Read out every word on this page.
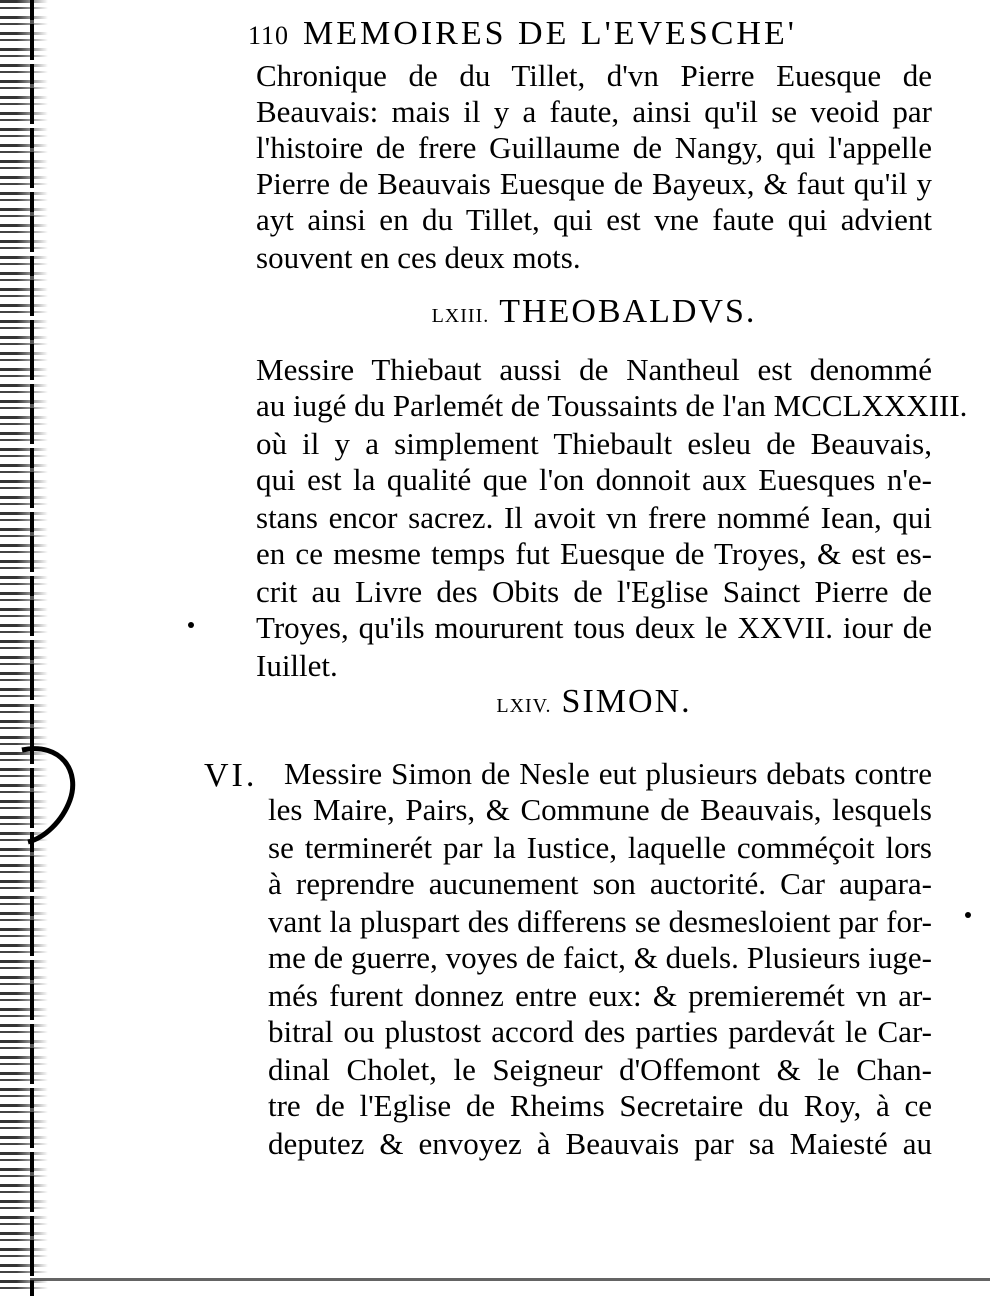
110 MEMOIRES DE L'EVESCHE'
Chronique de du Tillet, d'vn Pierre Euesque de
Beauvais: mais il y a faute, ainsi qu'il se veoid par
l'histoire de frere Guillaume de Nangy, qui l'appelle
Pierre de Beauvais Euesque de Bayeux, & faut qu'il y
ayt ainsi en du Tillet, qui est vne faute qui advient
souvent en ces deux mots.
LXIII. THEOBALDVS.
Messire Thiebaut aussi de Nantheul est denommé
au iugé du Parlemét de Toussaints de l'an MCCLXXXIII.
où il y a simplement Thiebault esleu de Beauvais,
qui est la qualité que l'on donnoit aux Euesques n'e-
stans encor sacrez. Il avoit vn frere nommé Iean, qui
en ce mesme temps fut Euesque de Troyes, & est es-
crit au Livre des Obits de l'Eglise Sainct Pierre de
Troyes, qu'ils moururent tous deux le XXVII. iour de
Iuillet.
LXIV. SIMON.
VI. Messire Simon de Nesle eut plusieurs debats contre
les Maire, Pairs, & Commune de Beauvais, lesquels
se terminerét par la Iustice, laquelle comméçoit lors
à reprendre aucunement son auctorité. Car aupara-
vant la pluspart des differens se desmesloient par for-
me de guerre, voyes de faict, & duels. Plusieurs iuge-
més furent donnez entre eux: & premieremét vn ar-
bitral ou plustost accord des parties pardevát le Car-
dinal Cholet, le Seigneur d'Offemont & le Chan-
tre de l'Eglise de Rheims Secretaire du Roy, à ce
deputez & envoyez à Beauvais par sa Maiesté au
